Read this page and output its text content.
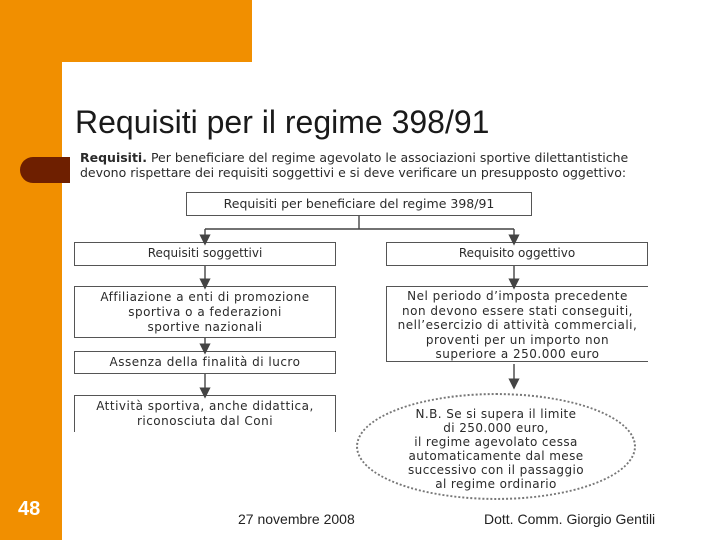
Requisiti per il regime 398/91
Requisiti. Per beneficiare del regime agevolato le associazioni sportive dilettantistiche devono rispettare dei requisiti soggettivi e si deve verificare un presupposto oggettivo:
Requisiti per beneficiare del regime 398/91
Requisiti soggettivi	Requisito oggettivo
Affiliazione a enti di promozione
sportiva o a federazioni
sportive nazionali
Assenza della finalità di lucro
Attività sportiva, anche didattica,
riconosciuta dal Coni
Nel periodo d’imposta precedente
non devono essere stati conseguiti,
nell’esercizio di attività commerciali,
proventi per un importo non
superiore a 250.000 euro
N.B. Se si supera il limite
di 250.000 euro,
il regime agevolato cessa
automaticamente dal mese
successivo con il passaggio
al regime ordinario
48	27 novembre 2008	Dott. Comm. Giorgio Gentili
